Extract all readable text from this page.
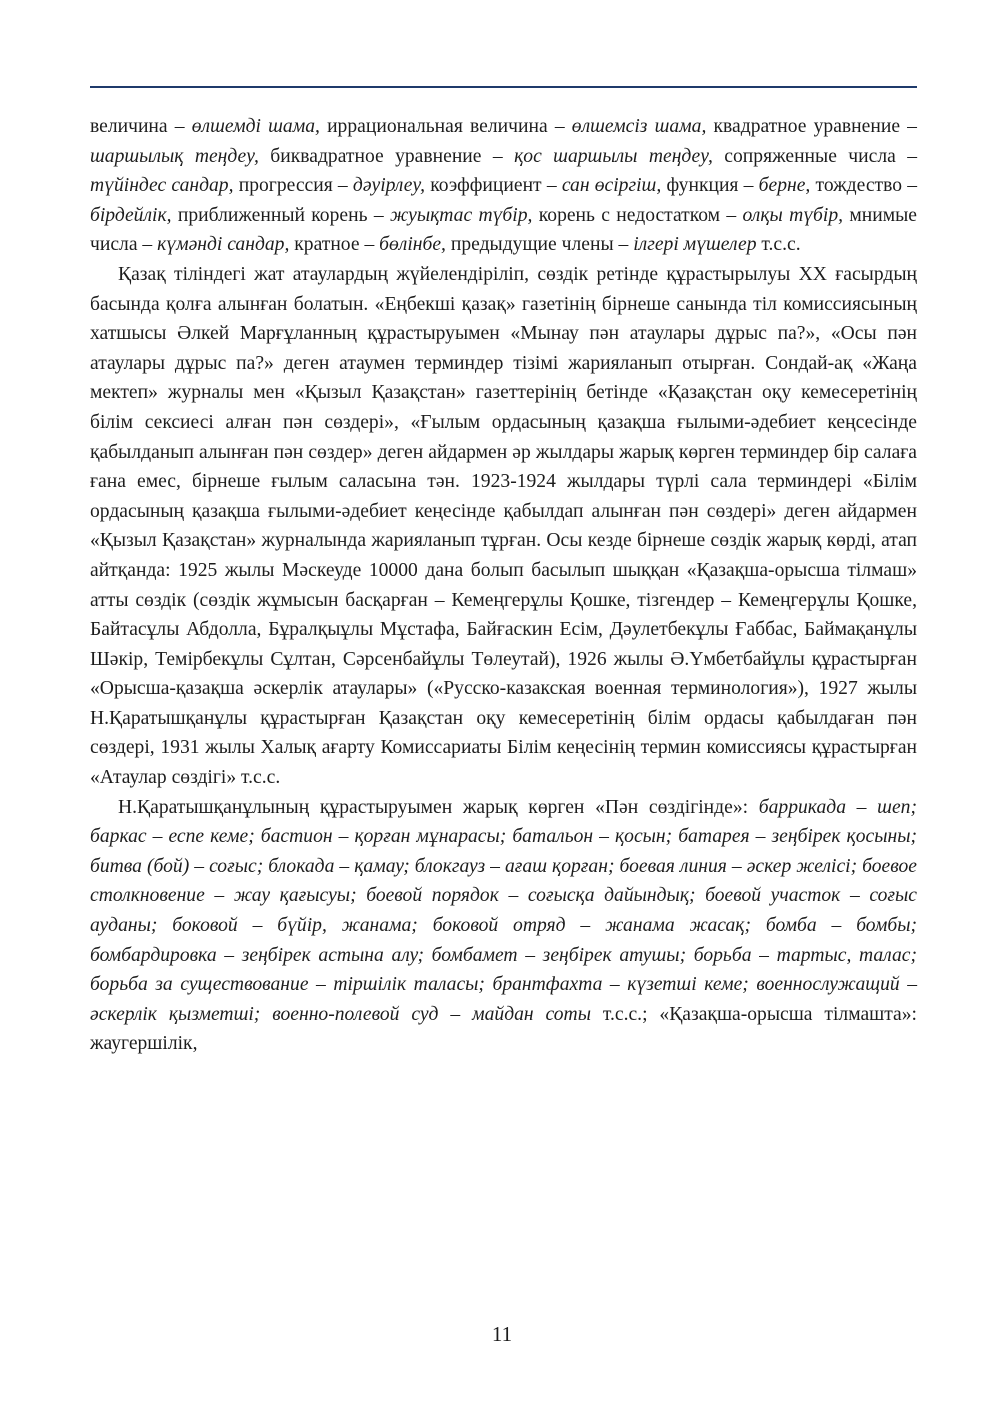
величина – өлшемді шама, иррациональная величина – өлшемсіз шама, квадратное уравнение – шаршылық теңдеу, биквадратное уравнение – қос шаршылы теңдеу, сопряженные числа – түйіндес сандар, прогрессия – дәуірлеу, коэффициент – сан өсіргіш, функция – берне, тождество – бірдейлік, приближенный корень – жуықтас түбір, корень с недостатком – олқы түбір, мнимые числа – күмәнді сандар, кратное – бөлінбе, предыдущие члены – ілгері мүшелер т.с.с.

Қазақ тіліндегі жат атаулардың жүйелендіріліп, сөздік ретінде құрастырылуы ХХ ғасырдың басында қолға алынған болатын. «Еңбекші қазақ» газетінің бірнеше санында тіл комиссиясының хатшысы Әлкей Марғұланның құрастыруымен «Мынау пән атаулары дұрыс па?», «Осы пән атаулары дұрыс па?» деген атаумен терминдер тізімі жарияланып отырған. Сондай-ақ «Жаңа мектеп» журналы мен «Қызыл Қазақстан» газеттерінің бетінде «Қазақстан оқу кемесеретінің білім сексиесі алған пән сөздері», «Ғылым ордасының қазақша ғылыми-әдебиет кеңсесінде қабылданып алынған пән сөздер» деген айдармен әр жылдары жарық көрген терминдер бір салаға ғана емес, бірнеше ғылым саласына тән. 1923-1924 жылдары түрлі сала терминдері «Білім ордасының қазақша ғылыми-әдебиет кеңесінде қабылдап алынған пән сөздері» деген айдармен «Қызыл Қазақстан» журналында жарияланып тұрған. Осы кезде бірнеше сөздік жарық көрді, атап айтқанда: 1925 жылы Мәскеуде 10000 дана болып басылып шыққан «Қазақша-орысша тілмаш» атты сөздік (сөздік жұмысын басқарған – Кемеңгерұлы Қошке, тізгендер – Кемеңгерұлы Қошке, Байтасұлы Абдолла, Бұралқыұлы Мұстафа, Байғаскин Есім, Дәулетбекұлы Ғаббас, Баймақанұлы Шәкір, Темірбекұлы Сұлтан, Сәрсенбайұлы Төлеутай), 1926 жылы Ә.Үмбетбайұлы құрастырған «Орысша-қазақша әскерлік атаулары» («Русско-казакская военная терминология»), 1927 жылы Н.Қаратышқанұлы құрастырған Қазақстан оқу кемесеретінің білім ордасы қабылдаған пән сөздері, 1931 жылы Халық ағарту Комиссариаты Білім кеңесінің термин комиссиясы құрастырған «Атаулар сөздігі» т.с.с.

Н.Қаратышқанұлының құрастыруымен жарық көрген «Пән сөздігінде»: баррикада – шеп; баркас – еспе кеме; бастион – қорған мұнарасы; батальон – қосын; батарея – зеңбірек қосыны; битва (бой) – соғыс; блокада – қамау; блокгауз – ағаш қорған; боевая линия – әскер желісі; боевое столкновение – жау қағысуы; боевой порядок – соғысқа дайындық; боевой участок – соғыс ауданы; боковой – бүйір, жанама; боковой отряд – жанама жасақ; бомба – бомбы; бомбардировка – зеңбірек астына алу; бомбамет – зеңбірек атушы; борьба – тартыс, талас; борьба за существование – тіршілік таласы; брантфахта – күзетші кеме; военнослужащий – әскерлік қызметші; военно-полевой суд – майдан соты т.с.с.; «Қазақша-орысша тілмашта»: жаугершілік,

11
